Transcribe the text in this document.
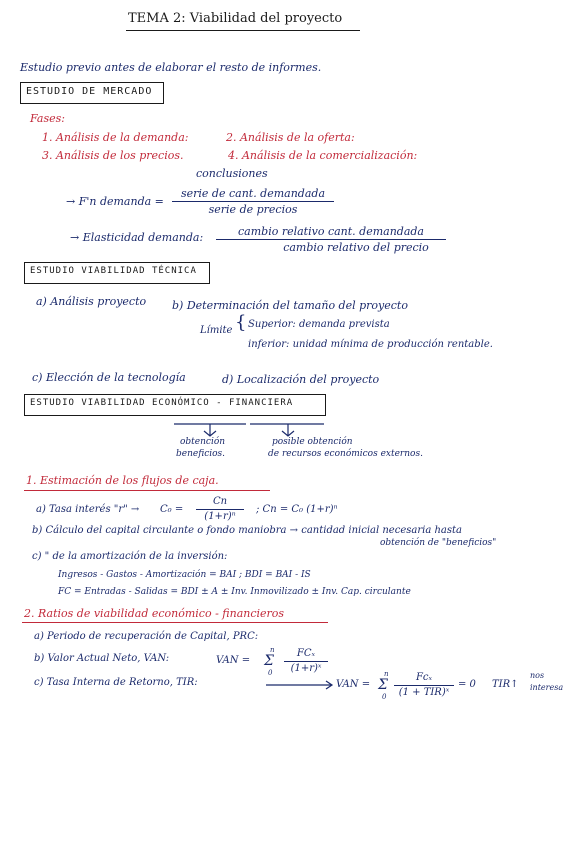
TEMA 2: Viabilidad del proyecto
Estudio previo antes de elaborar el resto de informes.
ESTUDIO DE MERCADO
Fases:
1. Análisis de la demanda:	2. Análisis de la oferta:
3. Análisis de los precios.	4. Análisis de la comercialización:
conclusiones
→ F'n demanda =
serie de cant. demandada
serie de precios
→ Elasticidad demanda:	cambio relativo cant. demandada
cambio relativo del precio
ESTUDIO VIABILIDAD TÉCNICA
a) Análisis proyecto b) Determinación del tamaño del proyecto
Límite { Superior: demanda prevista
inferior: unidad mínima de producción rentable.
c) Elección de la tecnología	d) Localización del proyecto
ESTUDIO VIABILIDAD ECONÓMICO - FINANCIERA
obtención
beneficios.
posible obtención
de recursos económicos externos.
1. Estimación de los flujos de caja.
a) Tasa interés "r" → C₀ =
Cn
(1+r)ⁿ
; Cn = C₀ (1+r)ⁿ
b) Cálculo del capital circulante o fondo maniobra → cantidad inicial necesaria hasta
obtención de "beneficios"
c) " de la amortización de la inversión:
Ingresos - Gastos - Amortización = BAI ; BDI = BAI - IS
FC = Entradas - Salidas = BDI ± A ± Inv. Inmovilizado ± Inv. Cap. circulante
2. Ratios de viabilidad económico - financieros
a) Periodo de recuperación de Capital, PRC:
b) Valor Actual Neto, VAN:	VAN =
n
Σ
0
FCₓ
(1+r)ˣ
c) Tasa Interna de Retorno, TIR:	VAN =
n
Σ
0
Fcₓ
(1 + TIR)ˣ
= 0 TIR↑
nos
interesa
